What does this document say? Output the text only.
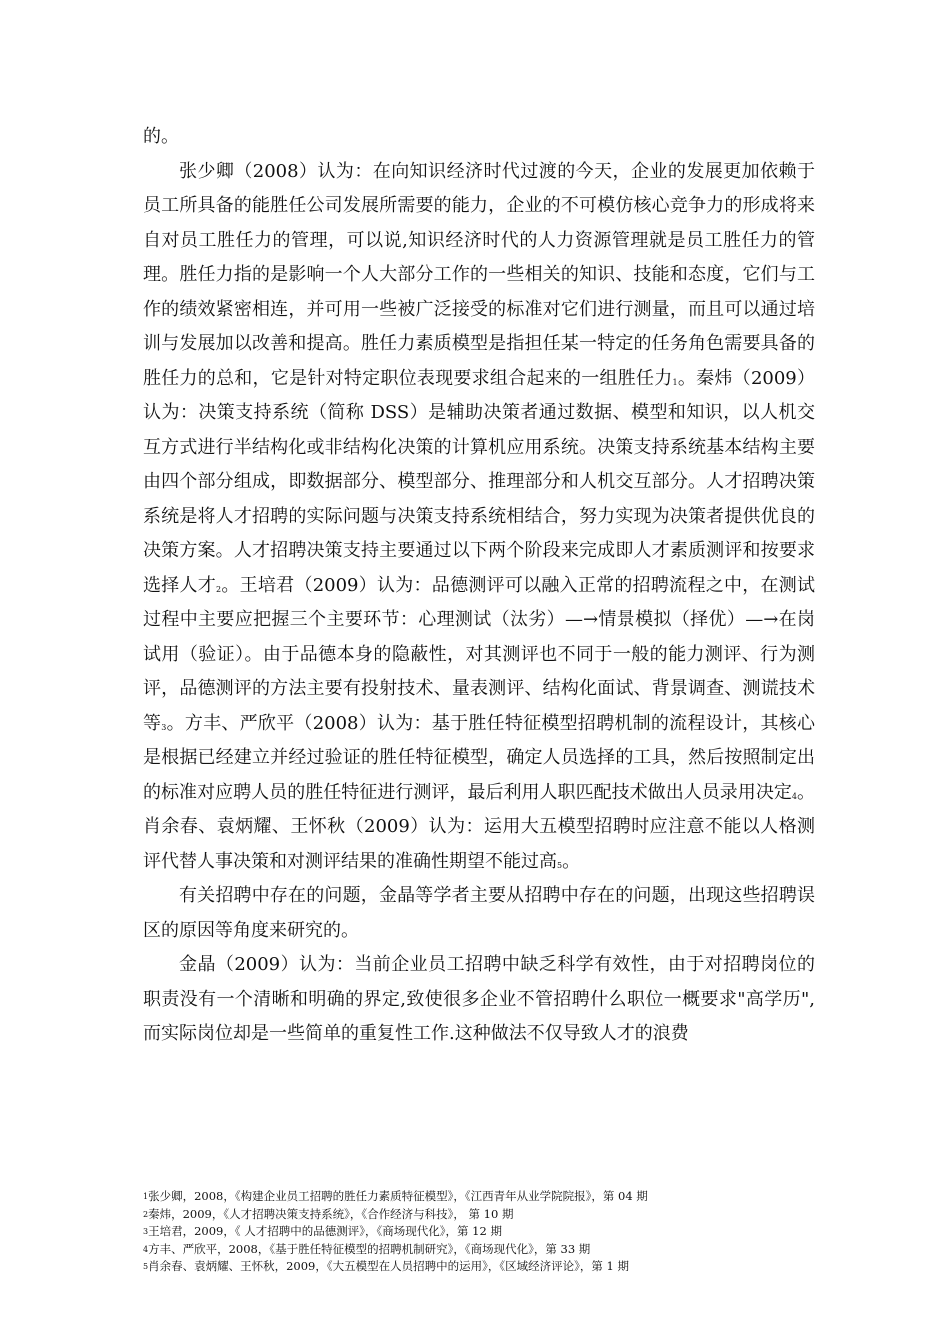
的。

张少卿（2008）认为：在向知识经济时代过渡的今天，企业的发展更加依赖于员工所具备的能胜任公司发展所需要的能力，企业的不可模仿核心竞争力的形成将来自对员工胜任力的管理，可以说,知识经济时代的人力资源管理就是员工胜任力的管理。胜任力指的是影响一个人大部分工作的一些相关的知识、技能和态度，它们与工作的绩效紧密相连，并可用一些被广泛接受的标准对它们进行测量，而且可以通过培训与发展加以改善和提高。胜任力素质模型是指担任某一特定的任务角色需要具备的胜任力的总和，它是针对特定职位表现要求组合起来的一组胜任力$^1$。秦炜（2009）认为：决策支持系统（简称 DSS）是辅助决策者通过数据、模型和知识，以人机交互方式进行半结构化或非结构化决策的计算机应用系统。决策支持系统基本结构主要由四个部分组成，即数据部分、模型部分、推理部分和人机交互部分。人才招聘决策系统是将人才招聘的实际问题与决策支持系统相结合，努力实现为决策者提供优良的决策方案。人才招聘决策支持主要通过以下两个阶段来完成即人才素质测评和按要求选择人才$^2$。王培君（2009）认为：品德测评可以融入正常的招聘流程之中，在测试过程中主要应把握三个主要环节：心理测试（汰劣）—→情景模拟（择优）—→在岗试用（验证）。由于品德本身的隐蔽性，对其测评也不同于一般的能力测评、行为测评，品德测评的方法主要有投射技术、量表测评、结构化面试、背景调查、测谎技术等$^3$。方丰、严欣平（2008）认为：基于胜任特征模型招聘机制的流程设计，其核心是根据已经建立并经过验证的胜任特征模型，确定人员选择的工具，然后按照制定出的标准对应聘人员的胜任特征进行测评，最后利用人职匹配技术做出人员录用决定$^4$。肖余春、袁炳耀、王怀秋（2009）认为：运用大五模型招聘时应注意不能以人格测评代替人事决策和对测评结果的准确性期望不能过高$^5$。

有关招聘中存在的问题，金晶等学者主要从招聘中存在的问题，出现这些招聘误区的原因等角度来研究的。

金晶（2009）认为：当前企业员工招聘中缺乏科学有效性，由于对招聘岗位的职责没有一个清晰和明确的界定,致使很多企业不管招聘什么职位一概要求"高学历",而实际岗位却是一些简单的重复性工作.这种做法不仅导致人才的浪费

1张少卿，2008，《构建企业员工招聘的胜任力素质特征模型》，《江西青年从业学院院报》，第 04 期
2秦炜，2009，《人才招聘决策支持系统》，《合作经济与科技》， 第 10 期
3王培君，2009，《 人才招聘中的品德测评》，《商场现代化》，第 12 期
4方丰、严欣平，2008，《基于胜任特征模型的招聘机制研究》，《商场现代化》，第 33 期
5肖余春、袁炳耀、王怀秋，2009，《大五模型在人员招聘中的运用》，《区域经济评论》，第 1 期
